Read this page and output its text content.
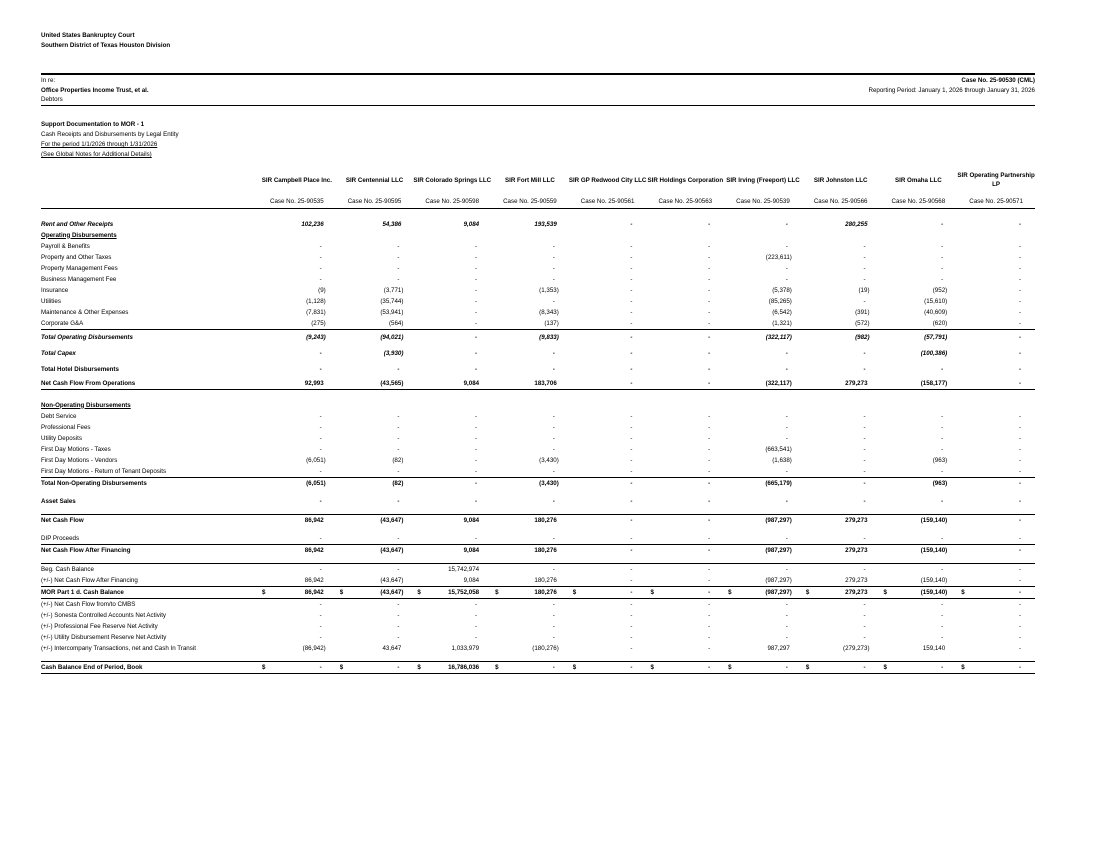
United States Bankruptcy Court
Southern District of Texas Houston Division
In re:
Office Properties Income Trust, et al.
Debtors
Case No. 25-90530 (CML)
Reporting Period: January 1, 2026 through January 31, 2026
Support Documentation to MOR - 1
Cash Receipts and Disbursements by Legal Entity
For the period 1/1/2026 through 1/31/2026
(See Global Notes for Additional Details)
	SIR Campbell Place Inc.	SIR Centennial LLC	SIR Colorado Springs LLC	SIR Fort Mill LLC	SIR GP Redwood City LLC	SIR Holdings Corporation	SIR Irving (Freeport) LLC	SIR Johnston LLC	SIR Omaha LLC	SIR Operating Partnership LP
	Case No. 25-90535	Case No. 25-90595	Case No. 25-90598	Case No. 25-90559	Case No. 25-90561	Case No. 25-90563	Case No. 25-90539	Case No. 25-90566	Case No. 25-90568	Case No. 25-90571

Rent and Other Receipts	102,236	54,386	9,084	193,539	-	-	-	280,255	-	-
Operating Disbursements										
Payroll & Benefits	-	-	-	-	-	-	-	-	-	-
Property and Other Taxes	-	-	-	-	-	-	(223,611)	-	-	-
Property Management Fees	-	-	-	-	-	-	-	-	-	-
Business Management Fee	-	-	-	-	-	-	-	-	-	-
Insurance	(9)	(3,771)	-	(1,353)	-	-	(5,378)	(19)	(952)	-
Utilities	(1,128)	(35,744)	-	-	-	-	(85,265)	-	(15,610)	-
Maintenance & Other Expenses	(7,831)	(53,941)	-	(8,343)	-	-	(6,542)	(391)	(40,609)	-
Corporate G&A	(275)	(564)	-	(137)	-	-	(1,321)	(572)	(620)	-
Total Operating Disbursements	(9,243)	(94,021)	-	(9,833)	-	-	(322,117)	(982)	(57,791)	-
Total Capex	-	(3,930)	-	-	-	-	-	-	(100,386)	-
Total Hotel Disbursements	-	-	-	-	-	-	-	-	-	-
Net Cash Flow From Operations	92,993	(43,565)	9,084	183,706	-	-	(322,117)	279,273	(158,177)	-

Non-Operating Disbursements										
Debt Service	-	-	-	-	-	-	-	-	-	-
Professional Fees	-	-	-	-	-	-	-	-	-	-
Utility Deposits	-	-	-	-	-	-	-	-	-	-
First Day Motions - Taxes	-	-	-	-	-	-	(663,541)	-	-	-
First Day Motions - Vendors	(6,051)	(82)	-	(3,430)	-	-	(1,638)	-	(963)	-
First Day Motions - Return of Tenant Deposits	-	-	-	-	-	-	-	-	-	-
Total Non-Operating Disbursements	(6,051)	(82)	-	(3,430)	-	-	(665,179)	-	(963)	-

Asset Sales	-	-	-	-	-	-	-	-	-	-

Net Cash Flow	86,942	(43,647)	9,084	180,276	-	-	(987,297)	279,273	(159,140)	-

DIP Proceeds	-	-	-	-	-	-	-	-	-	-
Net Cash Flow After Financing	86,942	(43,647)	9,084	180,276	-	-	(987,297)	279,273	(159,140)	-

Beg. Cash Balance	-	-	15,742,974	-	-	-	-	-	-	-
(+/-) Net Cash Flow After Financing	86,942	(43,647)	9,084	180,276	-	-	(987,297)	279,273	(159,140)	-
MOR Part 1 d. Cash Balance	$ 86,942	$ (43,647)	$ 15,752,058	$ 180,276	$ -	$ -	$ (987,297)	$ 279,273	$ (159,140)	$ -
(+/-) Net Cash Flow from/to CMBS	-	-	-	-	-	-	-	-	-	-
(+/-) Sonesta Controlled Accounts Net Activity	-	-	-	-	-	-	-	-	-	-
(+/-) Professional Fee Reserve Net Activity	-	-	-	-	-	-	-	-	-	-
(+/-) Utility Disbursement Reserve Net Activity	-	-	-	-	-	-	-	-	-	-
(+/-) Intercompany Transactions, net and Cash In Transit	(86,942)	43,647	1,033,979	(180,276)	-	-	987,297	(279,273)	159,140	-

Cash Balance End of Period, Book	$ -	$ -	$ 16,786,036	$ -	$ -	$ -	$ -	$ -	$ -	$ -
